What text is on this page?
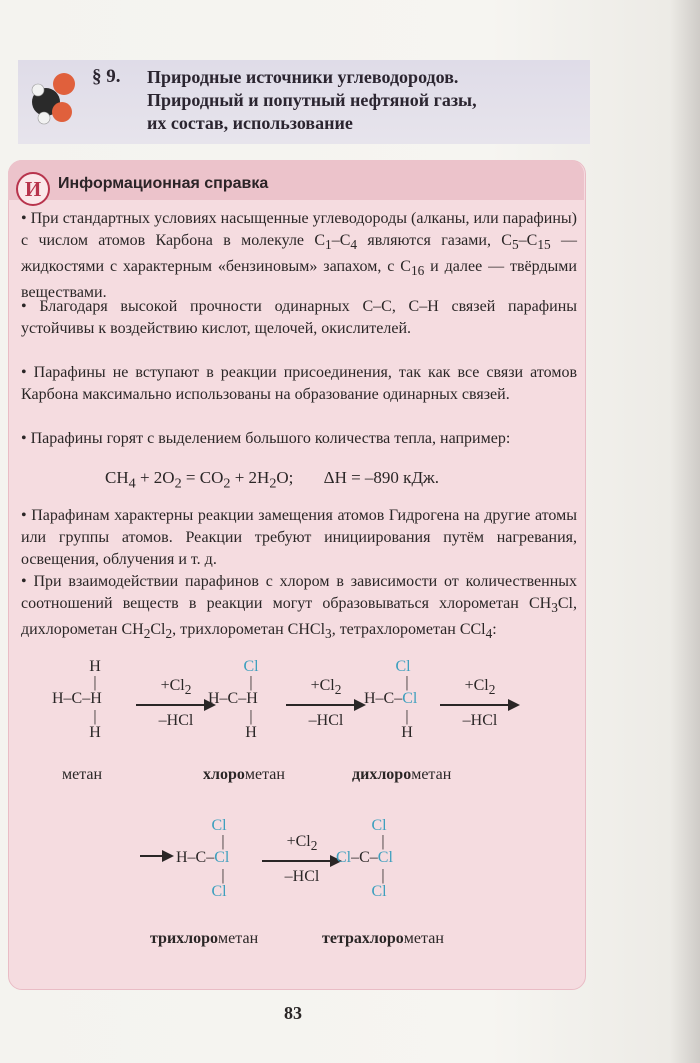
§ 9. Природные источники углеводородов.
Природный и попутный нефтяной газы,
их состав, использование
И	Информационная справка
• При стандартных условиях насыщенные углеводороды (алканы, или парафины) с числом атомов Карбона в молекуле $С_1-С_4$ являются газами, $С_5-С_{15}$ — жидкостями с характерным «бензиновым» запахом, с $С_{16}$ и далее — твёрдыми веществами.
• Благодаря высокой прочности одинарных С–С, С–Н связей парафины устойчивы к воздействию кислот, щелочей, окислителей.
• Парафины не вступают в реакции присоединения, так как все связи атомов Карбона максимально использованы на образование одинарных связей.
• Парафины горят с выделением большого количества тепла, например:
$CH_4 + 2O_2 = CO_2 + 2H_2O$; ΔH = –890 кДж.
• Парафинам характерны реакции замещения атомов Гидрогена на другие атомы или группы атомов. Реакции требуют инициирования путём нагревания, освещения, облучения и т. д.
• При взаимодействии парафинов с хлором в зависимости от количественных соотношений веществ в реакции могут образовываться хлорометан $CH_3Cl$, дихлорометан $CH_2Cl_2$, трихлорометан CHCl$_3$, тетрахлорометан CCl$_4$:
H
|
H–C–H
|
H
$+Cl_2$
–HCl
Cl
|
H–C–H
|
H
$+Cl_2$
–HCl
Cl
|
H–C–Cl
|
H
$+Cl_2$
–HCl
метан	хлорометан	дихлорометан
Cl
|
H–C–Cl
|
Cl
$+Cl_2$
–HCl
Cl
|
Cl–C–Cl
|
Cl
трихлорометан	тетрахлорометан
83
